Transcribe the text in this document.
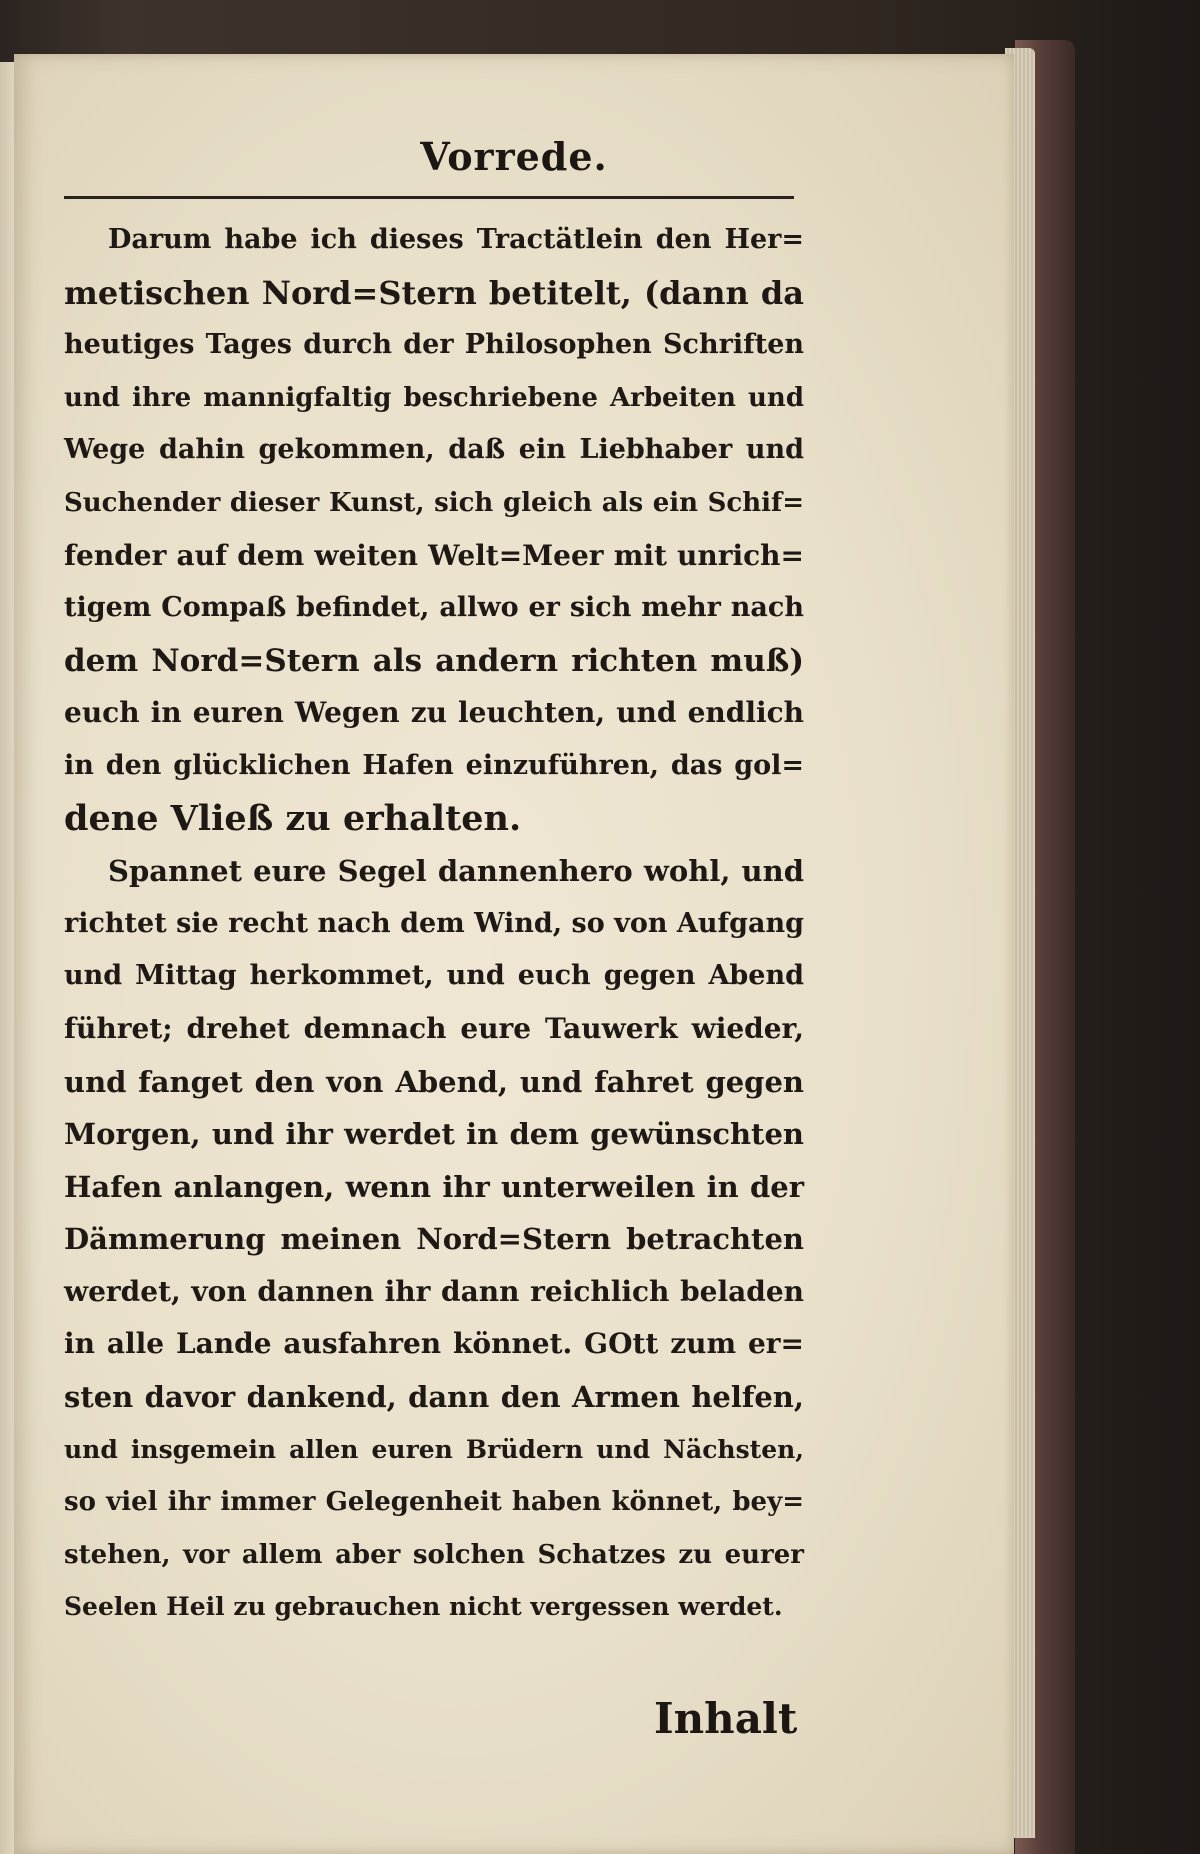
Vorrede.
Darum habe ich dieses Tractätlein den Her=
metischen Nord=Stern betitelt, (dann da
heutiges Tages durch der Philosophen Schriften
und ihre mannigfaltig beschriebene Arbeiten und
Wege dahin gekommen, daß ein Liebhaber und
Suchender dieser Kunst, sich gleich als ein Schif=
fender auf dem weiten Welt=Meer mit unrich=
tigem Compaß befindet, allwo er sich mehr nach
dem Nord=Stern als andern richten muß)
euch in euren Wegen zu leuchten, und endlich
in den glücklichen Hafen einzuführen, das gol=
dene Vließ zu erhalten.
Spannet eure Segel dannenhero wohl, und
richtet sie recht nach dem Wind, so von Aufgang
und Mittag herkommet, und euch gegen Abend
führet; drehet demnach eure Tauwerk wieder,
und fanget den von Abend, und fahret gegen
Morgen, und ihr werdet in dem gewünschten
Hafen anlangen, wenn ihr unterweilen in der
Dämmerung meinen Nord=Stern betrachten
werdet, von dannen ihr dann reichlich beladen
in alle Lande ausfahren könnet. GOtt zum er=
sten davor dankend, dann den Armen helfen,
und insgemein allen euren Brüdern und Nächsten,
so viel ihr immer Gelegenheit haben könnet, bey=
stehen, vor allem aber solchen Schatzes zu eurer
Seelen Heil zu gebrauchen nicht vergessen werdet.
Inhalt
